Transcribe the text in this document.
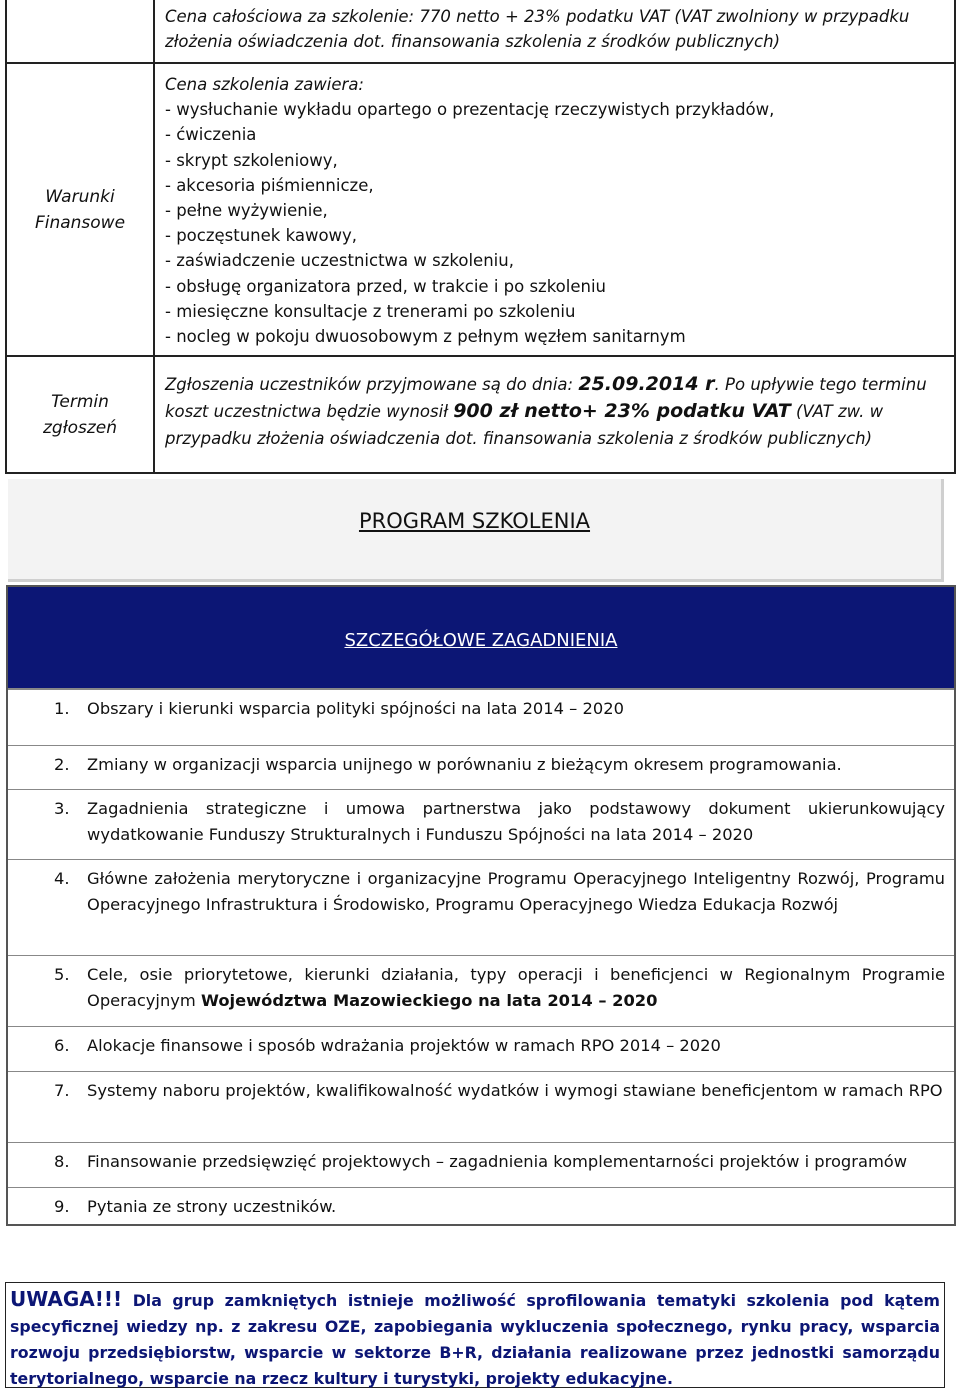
Cena całościowa za szkolenie: 770 netto + 23% podatku VAT (VAT zwolniony w przypadku złożenia oświadczenia dot. finansowania szkolenia z środków publicznych)
Warunki
Finansowe
Cena szkolenia zawiera:
- wysłuchanie wykładu opartego o prezentację rzeczywistych przykładów,
- ćwiczenia
- skrypt szkoleniowy,
- akcesoria piśmiennicze,
- pełne wyżywienie,
- poczęstunek kawowy,
- zaświadczenie uczestnictwa w szkoleniu,
- obsługę organizatora przed, w trakcie i po szkoleniu
- miesięczne konsultacje z trenerami po szkoleniu
- nocleg w pokoju dwuosobowym z pełnym węzłem sanitarnym
Termin
zgłoszeń
Zgłoszenia uczestników przyjmowane są do dnia: 25.09.2014 r. Po upływie tego terminu
koszt uczestnictwa będzie wynosił 900 zł netto+ 23% podatku VAT (VAT zw. w przypadku złożenia oświadczenia dot. finansowania szkolenia z środków publicznych)
PROGRAM SZKOLENIA
SZCZEGÓŁOWE ZAGADNIENIA
1. Obszary i kierunki wsparcia polityki spójności na lata 2014 – 2020
2. Zmiany w organizacji wsparcia unijnego w porównaniu z bieżącym okresem programowania.
3. Zagadnienia strategiczne i umowa partnerstwa jako podstawowy dokument ukierunkowujący wydatkowanie Funduszy Strukturalnych i Funduszu Spójności na lata 2014 – 2020
4. Główne założenia merytoryczne i organizacyjne Programu Operacyjnego Inteligentny Rozwój, Programu Operacyjnego Infrastruktura i Środowisko, Programu Operacyjnego Wiedza Edukacja Rozwój
5. Cele, osie priorytetowe, kierunki działania, typy operacji i beneficjenci w Regionalnym Programie Operacyjnym Województwa Mazowieckiego na lata 2014 – 2020
6. Alokacje finansowe i sposób wdrażania projektów w ramach RPO 2014 – 2020
7. Systemy naboru projektów, kwalifikowalność wydatków i wymogi stawiane beneficjentom w ramach RPO
8. Finansowanie przedsięwzięć projektowych – zagadnienia komplementarności projektów i programów
9. Pytania ze strony uczestników.
UWAGA!!! Dla grup zamkniętych istnieje możliwość sprofilowania tematyki szkolenia pod kątem specyficznej wiedzy np. z zakresu OZE, zapobiegania wykluczenia społecznego, rynku pracy, wsparcia rozwoju przedsiębiorstw, wsparcie w sektorze B+R, działania realizowane przez jednostki samorządu terytorialnego, wsparcie na rzecz kultury i turystyki, projekty edukacyjne.
